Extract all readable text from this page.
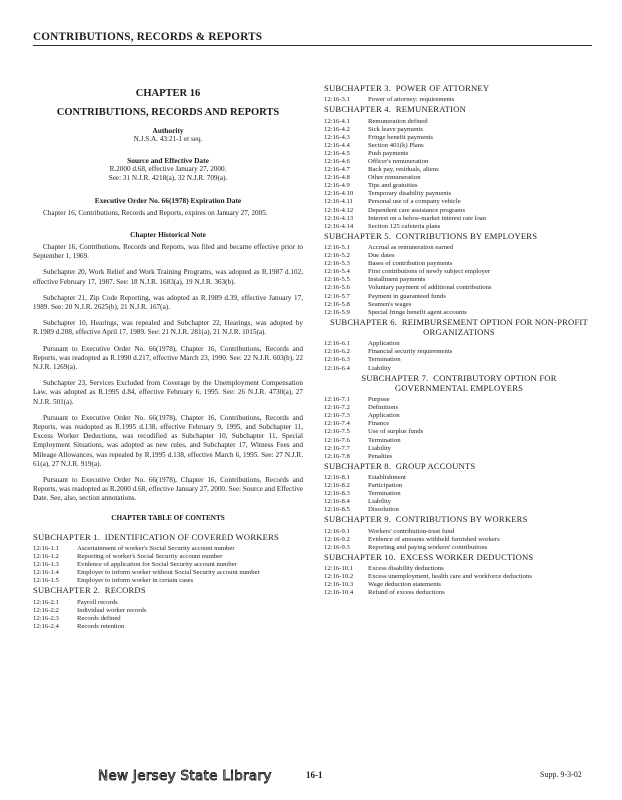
CONTRIBUTIONS, RECORDS & REPORTS
CHAPTER 16
CONTRIBUTIONS, RECORDS AND REPORTS
Authority
N.J.S.A. 43:21-1 et seq.
Source and Effective Date
R.2000 d.68, effective January 27, 2000.
See: 31 N.J.R. 4218(a), 32 N.J.R. 709(a).
Executive Order No. 66(1978) Expiration Date

Chapter 16, Contributions, Records and Reports, expires on January 27, 2005.

Chapter Historical Note

Chapter 16, Contributions, Records and Reports, was filed and became effective prior to September 1, 1969.

Subchapter 20, Work Relief and Work Training Programs, was adopted as R.1987 d.102, effective February 17, 1987. See: 18 N.J.R. 1683(a), 19 N.J.R. 363(b).

Subchapter 21, Zip Code Reporting, was adopted as R.1989 d.39, effective January 17, 1989. See: 20 N.J.R. 2625(b), 21 N.J.R. 167(a).

Subchapter 10, Hearings, was repealed and Subchapter 22, Hearings, was adopted by R.1989 d.208, effective April 17, 1989. See: 21 N.J.R. 281(a), 21 N.J.R. 1015(a).

Pursuant to Executive Order No. 66(1978), Chapter 16, Contributions, Records and Reports, was readopted as R.1990 d.217, effective March 23, 1990. See: 22 N.J.R. 603(b), 22 N.J.R. 1269(a).

Subchapter 23, Services Excluded from Coverage by the Unemployment Compensation Law, was adopted as R.1995 d.84, effective February 6, 1995. See: 26 N.J.R. 4730(a), 27 N.J.R. 501(a).

Pursuant to Executive Order No. 66(1978), Chapter 16, Contributions, Records and Reports, was readopted as R.1995 d.138, effective February 9, 1995, and Subchapter 11, Excess Worker Deductions, was recodified as Subchapter 10, Subchapter 11, Special Employment Situations, was adopted as new rules, and Subchapter 17, Witness Fees and Mileage Allowances, was repealed by R.1995 d.138, effective March 6, 1995. See: 27 N.J.R. 61(a), 27 N.J.R. 919(a).

Pursuant to Executive Order No. 66(1978), Chapter 16, Contributions, Records and Reports, was readopted as R.2000 d.68, effective January 27, 2000. See: Source and Effective Date. See, also, section annotations.

CHAPTER TABLE OF CONTENTS
SUBCHAPTER 1. IDENTIFICATION OF COVERED WORKERS
12:16-1.1	Ascertainment of worker's Social Security account number
12:16-1.2	Reporting of worker's Social Security account number
12:16-1.3	Evidence of application for Social Security account number
12:16-1.4	Employer to inform worker without Social Security account number
12:16-1.5	Employer to inform worker in certain cases
SUBCHAPTER 2. RECORDS
12:16-2.1	Payroll records
12:16-2.2	Individual worker records
12:16-2.3	Records defined
12:16-2.4	Records retention
SUBCHAPTER 3. POWER OF ATTORNEY
12:16-3.1	Power of attorney: requirements
SUBCHAPTER 4. REMUNERATION
12:16-4.1	Remuneration defined
12:16-4.2	Sick leave payments
12:16-4.3	Fringe benefit payments
12:16-4.4	Section 401(k) Plans
12:16-4.5	Push payments
12:16-4.6	Officer's remuneration
12:16-4.7	Back pay, residuals, aliens
12:16-4.8	Other remuneration
12:16-4.9	Tips and gratuities
12:16-4.10	Temporary disability payments
12:16-4.11	Personal use of a company vehicle
12:16-4.12	Dependent care assistance programs
12:16-4.13	Interest on a below-market interest rate loan
12:16-4.14	Section 125 cafeteria plans
SUBCHAPTER 5. CONTRIBUTIONS BY EMPLOYERS
12:16-5.1	Accrual as remuneration earned
12:16-5.2	Due dates
12:16-5.3	Bases of contribution payments
12:16-5.4	First contributions of newly subject employer
12:16-5.5	Installment payments
12:16-5.6	Voluntary payment of additional contributions
12:16-5.7	Payment in guaranteed funds
12:16-5.8	Seamen's wages
12:16-5.9	Special fringe benefit agent accounts
SUBCHAPTER 6. REIMBURSEMENT OPTION FOR NON-PROFIT ORGANIZATIONS
12:16-6.1	Application
12:16-6.2	Financial security requirements
12:16-6.3	Termination
12:16-6.4	Liability
SUBCHAPTER 7. CONTRIBUTORY OPTION FOR GOVERNMENTAL EMPLOYERS
12:16-7.1	Purpose
12:16-7.2	Definitions
12:16-7.3	Application
12:16-7.4	Finance
12:16-7.5	Use of surplus funds
12:16-7.6	Termination
12:16-7.7	Liability
12:16-7.8	Penalties
SUBCHAPTER 8. GROUP ACCOUNTS
12:16-8.1	Establishment
12:16-8.2	Participation
12:16-8.3	Termination
12:16-8.4	Liability
12:16-8.5	Dissolution
SUBCHAPTER 9. CONTRIBUTIONS BY WORKERS
12:16-9.1	Workers' contribution-trust fund
12:16-9.2	Evidence of amounts withheld furnished workers
12:16-9.3	Reporting and paying workers' contributions
SUBCHAPTER 10. EXCESS WORKER DEDUCTIONS
12:16-10.1	Excess disability deductions
12:16-10.2	Excess unemployment, health care and workforce deductions
12:16-10.3	Wage deduction statements
12:16-10.4	Refund of excess deductions
New Jersey State Library	16-1	Supp. 9-3-02
